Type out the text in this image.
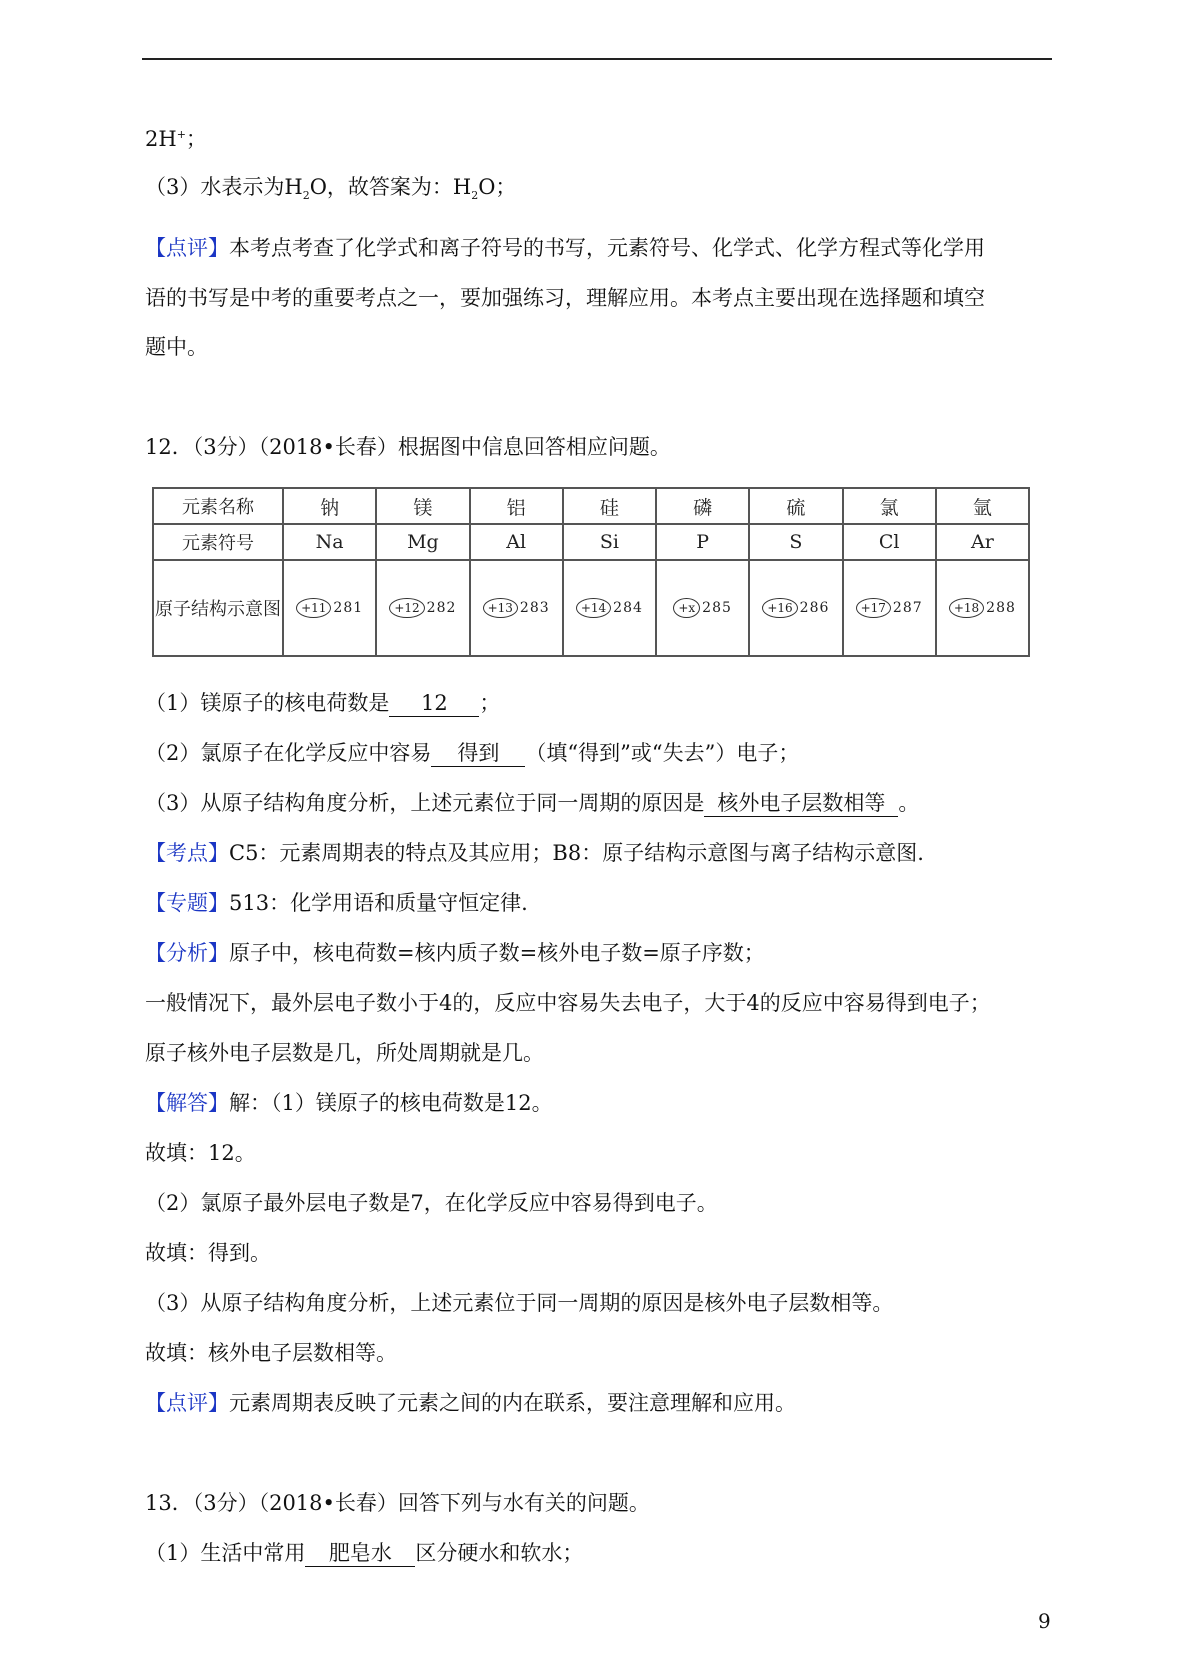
2H+；
（3）水表示为$H_2O$，故答案为：$H_2O$；
【点评】本考点考查了化学式和离子符号的书写，元素符号、化学式、化学方程式等化学用
语的书写是中考的重要考点之一，要加强练习，理解应用。本考点主要出现在选择题和填空
题中。
12．（3分）（2018•长春）根据图中信息回答相应问题。
元素名称	钠	镁	铝	硅	磷	硫	氯	氩
元素符号	Na	Mg	Al	Si	P	S	Cl	Ar
原子结构示意图	+11 281	+12 282	+13 283	+14 284	+x 285	+16 286	+17 287	+18 288
（1）镁原子的核电荷数是 12 ；
（2）氯原子在化学反应中容易 得到 （填“得到”或“失去”）电子；
（3）从原子结构角度分析，上述元素位于同一周期的原因是 核外电子层数相等 。
【考点】C5：元素周期表的特点及其应用；B8：原子结构示意图与离子结构示意图.
【专题】513：化学用语和质量守恒定律.
【分析】原子中，核电荷数=核内质子数=核外电子数=原子序数；
一般情况下，最外层电子数小于4的，反应中容易失去电子，大于4的反应中容易得到电子；
原子核外电子层数是几，所处周期就是几。
【解答】解：（1）镁原子的核电荷数是12。
故填：12。
（2）氯原子最外层电子数是7，在化学反应中容易得到电子。
故填：得到。
（3）从原子结构角度分析，上述元素位于同一周期的原因是核外电子层数相等。
故填：核外电子层数相等。
【点评】元素周期表反映了元素之间的内在联系，要注意理解和应用。
13．（3分）（2018•长春）回答下列与水有关的问题。
（1）生活中常用 肥皂水 区分硬水和软水；
9
